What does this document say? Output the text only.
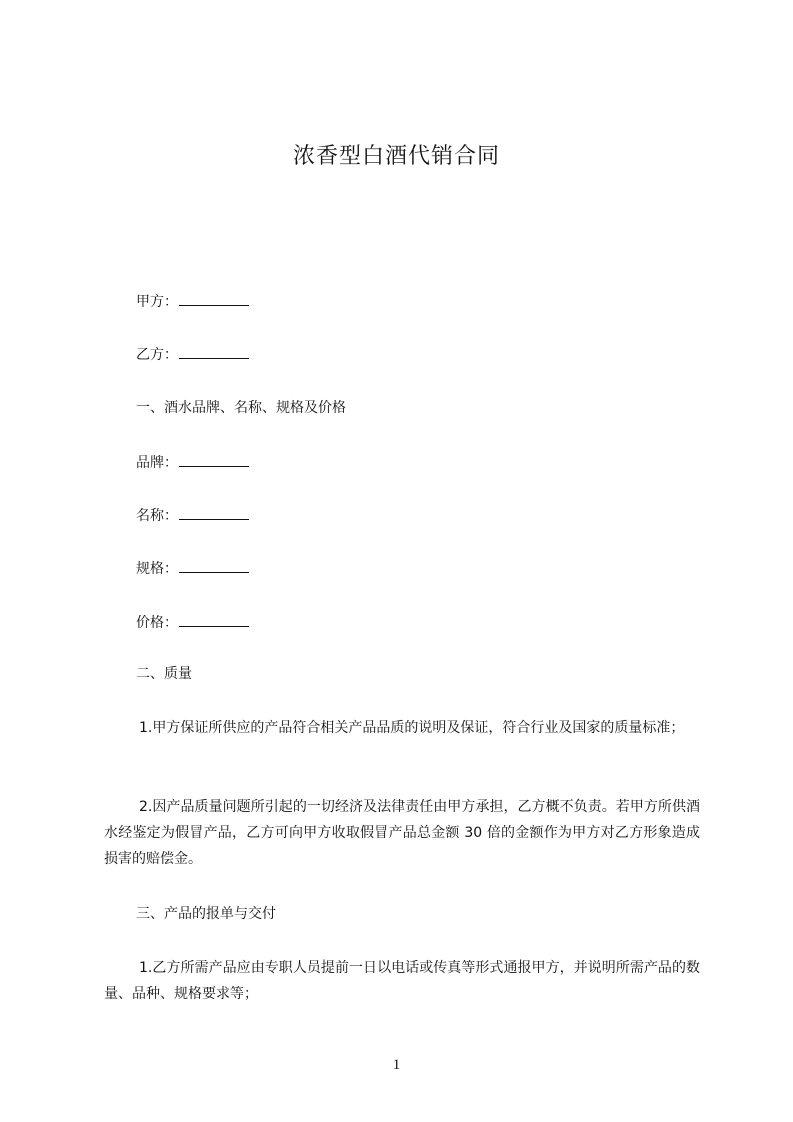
浓香型白酒代销合同
甲方：
乙方：
一、酒水品牌、名称、规格及价格
品牌：
名称：
规格：
价格：
二、质量
1.甲方保证所供应的产品符合相关产品品质的说明及保证，符合行业及国家的质量标准；
2.因产品质量问题所引起的一切经济及法律责任由甲方承担，乙方概不负责。若甲方所供酒水经鉴定为假冒产品，乙方可向甲方收取假冒产品总金额 30 倍的金额作为甲方对乙方形象造成损害的赔偿金。
三、产品的报单与交付
1.乙方所需产品应由专职人员提前一日以电话或传真等形式通报甲方，并说明所需产品的数量、品种、规格要求等；
1
